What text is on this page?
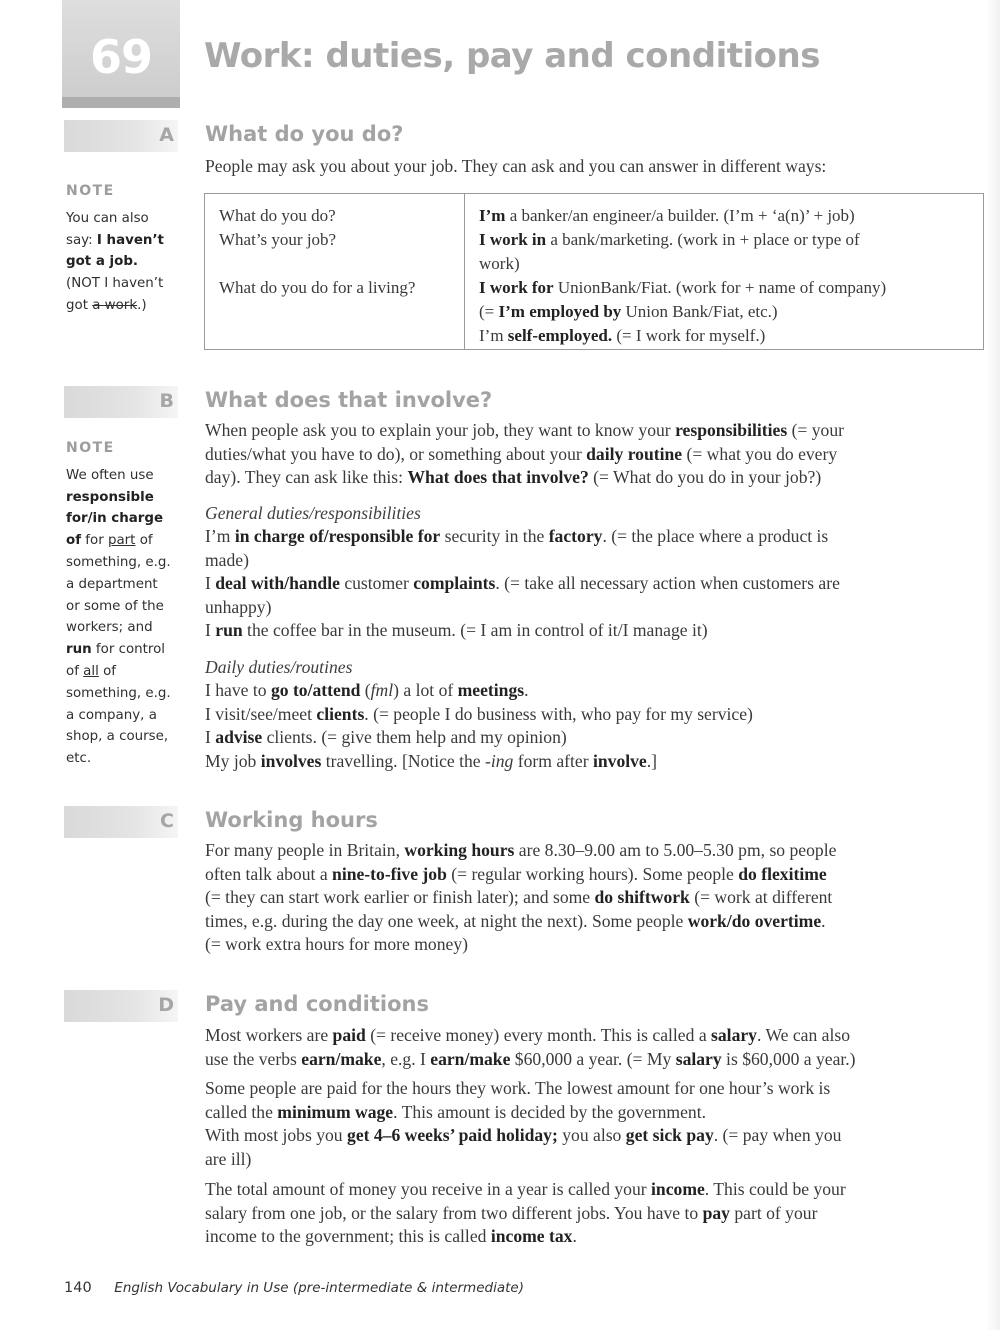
69	Work: duties, pay and conditions
A What do you do?
People may ask you about your job. They can ask and you can answer in different ways:
NOTE
You can also
say: I haven’t
got a job.
(NOT I haven’t
got a work.)
What do you do?
What’s your job?

What do you do for a living?
I’m a banker/an engineer/a builder. (I’m + ‘a(n)’ + job)
I work in a bank/marketing. (work in + place or type of
work)
I work for UnionBank/Fiat. (work for + name of company)
(= I’m employed by Union Bank/Fiat, etc.)
I’m self-employed. (= I work for myself.)
B What does that involve?
NOTE
We often use
responsible
for/in charge
of for part of
something, e.g.
a department
or some of the
workers; and
run for control
of all of
something, e.g.
a company, a
shop, a course,
etc.
When people ask you to explain your job, they want to know your responsibilities (= your
duties/what you have to do), or something about your daily routine (= what you do every
day). They can ask like this: What does that involve? (= What do you do in your job?)
General duties/responsibilities
I’m in charge of/responsible for security in the factory. (= the place where a product is
made)
I deal with/handle customer complaints. (= take all necessary action when customers are
unhappy)
I run the coffee bar in the museum. (= I am in control of it/I manage it)
Daily duties/routines
I have to go to/attend (fml) a lot of meetings.
I visit/see/meet clients. (= people I do business with, who pay for my service)
I advise clients. (= give them help and my opinion)
My job involves travelling. [Notice the -ing form after involve.]
C Working hours
For many people in Britain, working hours are 8.30–9.00 am to 5.00–5.30 pm, so people
often talk about a nine-to-five job (= regular working hours). Some people do flexitime
(= they can start work earlier or finish later); and some do shiftwork (= work at different
times, e.g. during the day one week, at night the next). Some people work/do overtime.
(= work extra hours for more money)
D Pay and conditions
Most workers are paid (= receive money) every month. This is called a salary. We can also
use the verbs earn/make, e.g. I earn/make $60,000 a year. (= My salary is $60,000 a year.)
Some people are paid for the hours they work. The lowest amount for one hour’s work is
called the minimum wage. This amount is decided by the government.
With most jobs you get 4–6 weeks’ paid holiday; you also get sick pay. (= pay when you
are ill)
The total amount of money you receive in a year is called your income. This could be your
salary from one job, or the salary from two different jobs. You have to pay part of your
income to the government; this is called income tax.
140 English Vocabulary in Use (pre-intermediate & intermediate)
